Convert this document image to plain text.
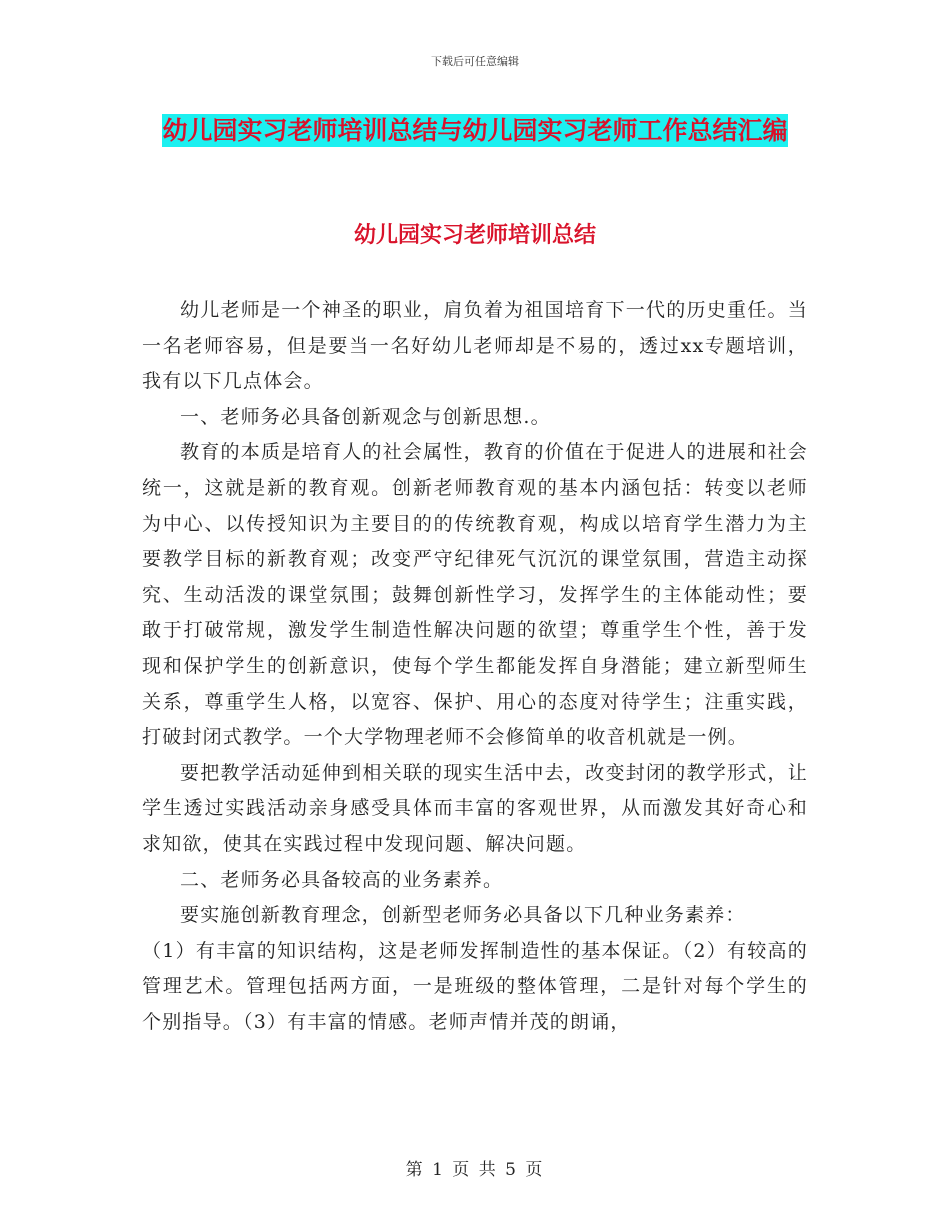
下载后可任意编辑
幼儿园实习老师培训总结与幼儿园实习老师工作总结汇编
幼儿园实习老师培训总结

幼儿老师是一个神圣的职业，肩负着为祖国培育下一代的历史重任。当一名老师容易，但是要当一名好幼儿老师却是不易的，透过xx专题培训，我有以下几点体会。

一、老师务必具备创新观念与创新思想.。

教育的本质是培育人的社会属性，教育的价值在于促进人的进展和社会统一，这就是新的教育观。创新老师教育观的基本内涵包括：转变以老师为中心、以传授知识为主要目的的传统教育观，构成以培育学生潜力为主要教学目标的新教育观；改变严守纪律死气沉沉的课堂氛围，营造主动探究、生动活泼的课堂氛围；鼓舞创新性学习，发挥学生的主体能动性；要敢于打破常规，激发学生制造性解决问题的欲望；尊重学生个性，善于发现和保护学生的创新意识，使每个学生都能发挥自身潜能；建立新型师生关系，尊重学生人格，以宽容、保护、用心的态度对待学生；注重实践，打破封闭式教学。一个大学物理老师不会修简单的收音机就是一例。

要把教学活动延伸到相关联的现实生活中去，改变封闭的教学形式，让学生透过实践活动亲身感受具体而丰富的客观世界，从而激发其好奇心和求知欲，使其在实践过程中发现问题、解决问题。

二、老师务必具备较高的业务素养。

要实施创新教育理念，创新型老师务必具备以下几种业务素养：

（1）有丰富的知识结构，这是老师发挥制造性的基本保证。（2）有较高的管理艺术。管理包括两方面，一是班级的整体管理，二是针对每个学生的个别指导。（3）有丰富的情感。老师声情并茂的朗诵，

第 1 页 共 5 页
